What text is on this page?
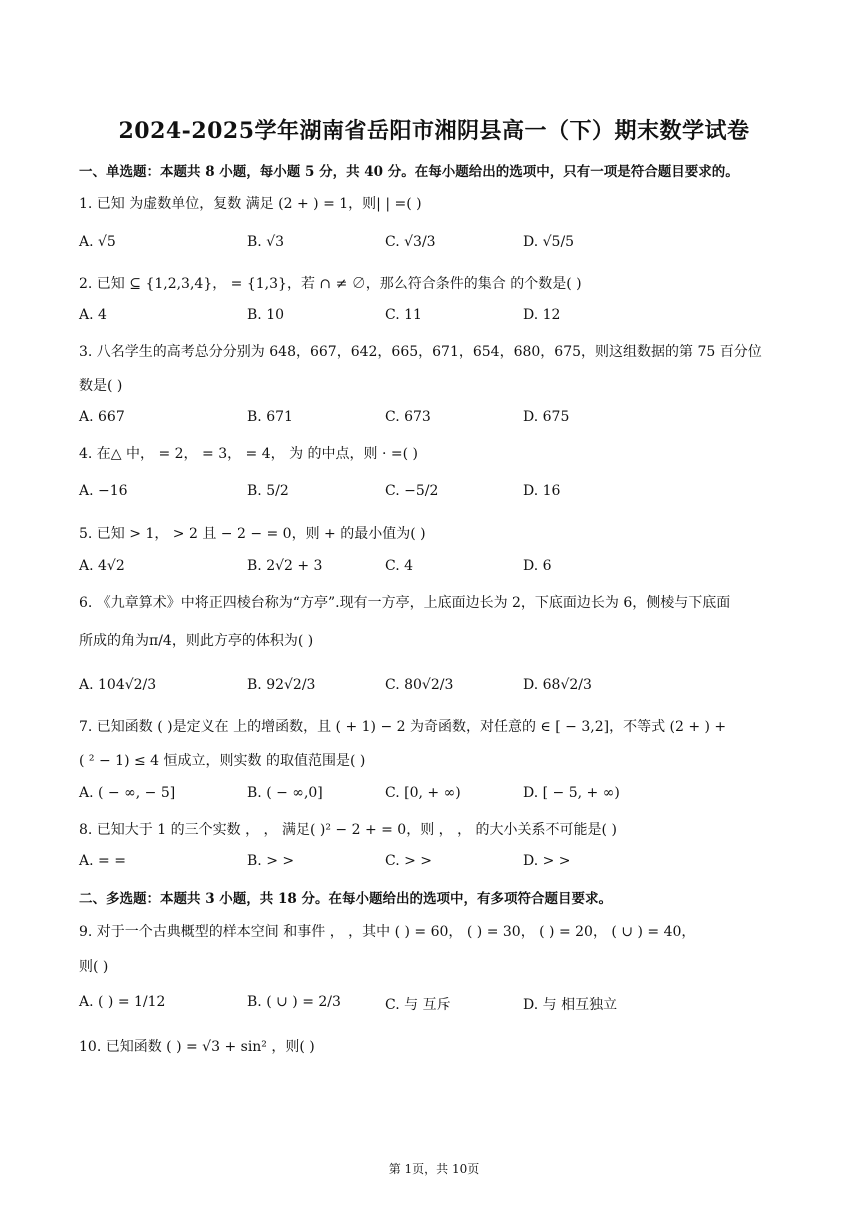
2024-2025学年湖南省岳阳市湘阴县高一（下）期末数学试卷
一、单选题：本题共 8 小题，每小题 5 分，共 40 分。在每小题给出的选项中，只有一项是符合题目要求的。
1. 已知 为虚数单位，复数 满足 (2 + ) = 1，则| | =( )
A. √5	B. √3	C. √3/3	D. √5/5
2. 已知 ⊆ {1,2,3,4}， = {1,3}，若 ∩ ≠ ∅，那么符合条件的集合 的个数是( )
A. 4	B. 10	C. 11	D. 12
3. 八名学生的高考总分分别为 648，667，642，665，671，654，680，675，则这组数据的第 75 百分位
数是( )
A. 667	B. 671	C. 673	D. 675
4. 在△ 中， = 2， = 3， = 4， 为 的中点，则 · =( )
A. −16	B. 5/2	C. −5/2	D. 16
5. 已知 > 1， > 2 且 − 2 − = 0，则 + 的最小值为( )
A. 4√2	B. 2√2 + 3	C. 4	D. 6
6. 《九章算术》中将正四棱台称为“方亭”.现有一方亭，上底面边长为 2，下底面边长为 6，侧棱与下底面
所成的角为π/4，则此方亭的体积为( )
A. 104√2/3	B. 92√2/3	C. 80√2/3	D. 68√2/3
7. 已知函数 ( )是定义在 上的增函数，且 ( + 1) − 2 为奇函数，对任意的 ∈ [ − 3,2]，不等式 (2 + ) +
( ² − 1) ≤ 4 恒成立，则实数 的取值范围是( )
A. ( − ∞, − 5]	B. ( − ∞,0]	C. [0, + ∞)	D. [ − 5, + ∞)
8. 已知大于 1 的三个实数 ， ， 满足( )² − 2 + = 0，则 ， ， 的大小关系不可能是( )
A. = =	B. > >	C. > >	D. > >
二、多选题：本题共 3 小题，共 18 分。在每小题给出的选项中，有多项符合题目要求。
9. 对于一个古典概型的样本空间 和事件 ， ，其中 ( ) = 60， ( ) = 30， ( ) = 20， ( ∪ ) = 40，
则( )
A. ( ) = 1/12	B. ( ∪ ) = 2/3	C. 与 互斥	D. 与 相互独立
10. 已知函数 ( ) = √3 + sin² ，则( )
第 1页，共 10页
